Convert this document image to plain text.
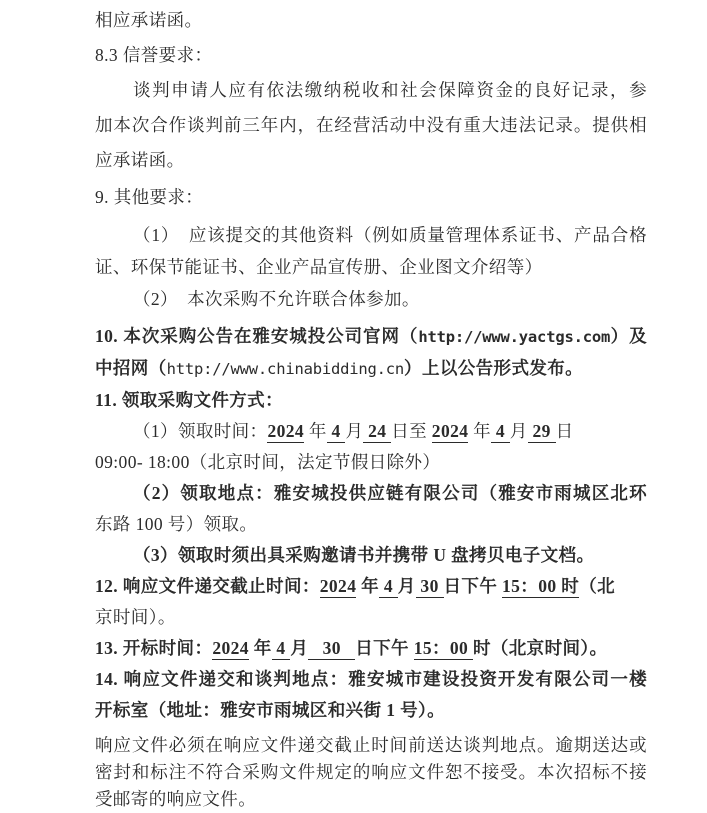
相应承诺函。
8.3 信誉要求：
谈判申请人应有依法缴纳税收和社会保障资金的良好记录，参
加本次合作谈判前三年内，在经营活动中没有重大违法记录。提供相
应承诺函。
9. 其他要求：
（1）　应该提交的其他资料（例如质量管理体系证书、产品合格
证、环保节能证书、企业产品宣传册、企业图文介绍等）
（2）　本次采购不允许联合体参加。
10. 本次采购公告在雅安城投公司官网（http://www.yactgs.com）及
中招网（http://www.chinabidding.cn）上以公告形式发布。
11. 领取采购文件方式：
（1）领取时间：2024 年 4 月 24 日至 2024 年 4 月 29 日
09:00- 18:00（北京时间，法定节假日除外）
（2）领取地点：雅安城投供应链有限公司（雅安市雨城区北环
东路 100 号）领取。
（3）领取时须出具采购邀请书并携带 U 盘拷贝电子文档。
12. 响应文件递交截止时间：2024 年 4 月 30 日下午 15：00 时（北
京时间）。
13. 开标时间：2024 年 4 月   30   日下午 15：00 时（北京时间）。
14. 响应文件递交和谈判地点：雅安城市建设投资开发有限公司一楼
开标室（地址：雅安市雨城区和兴街 1 号）。
响应文件必须在响应文件递交截止时间前送达谈判地点。逾期送达或
密封和标注不符合采购文件规定的响应文件恕不接受。本次招标不接
受邮寄的响应文件。
